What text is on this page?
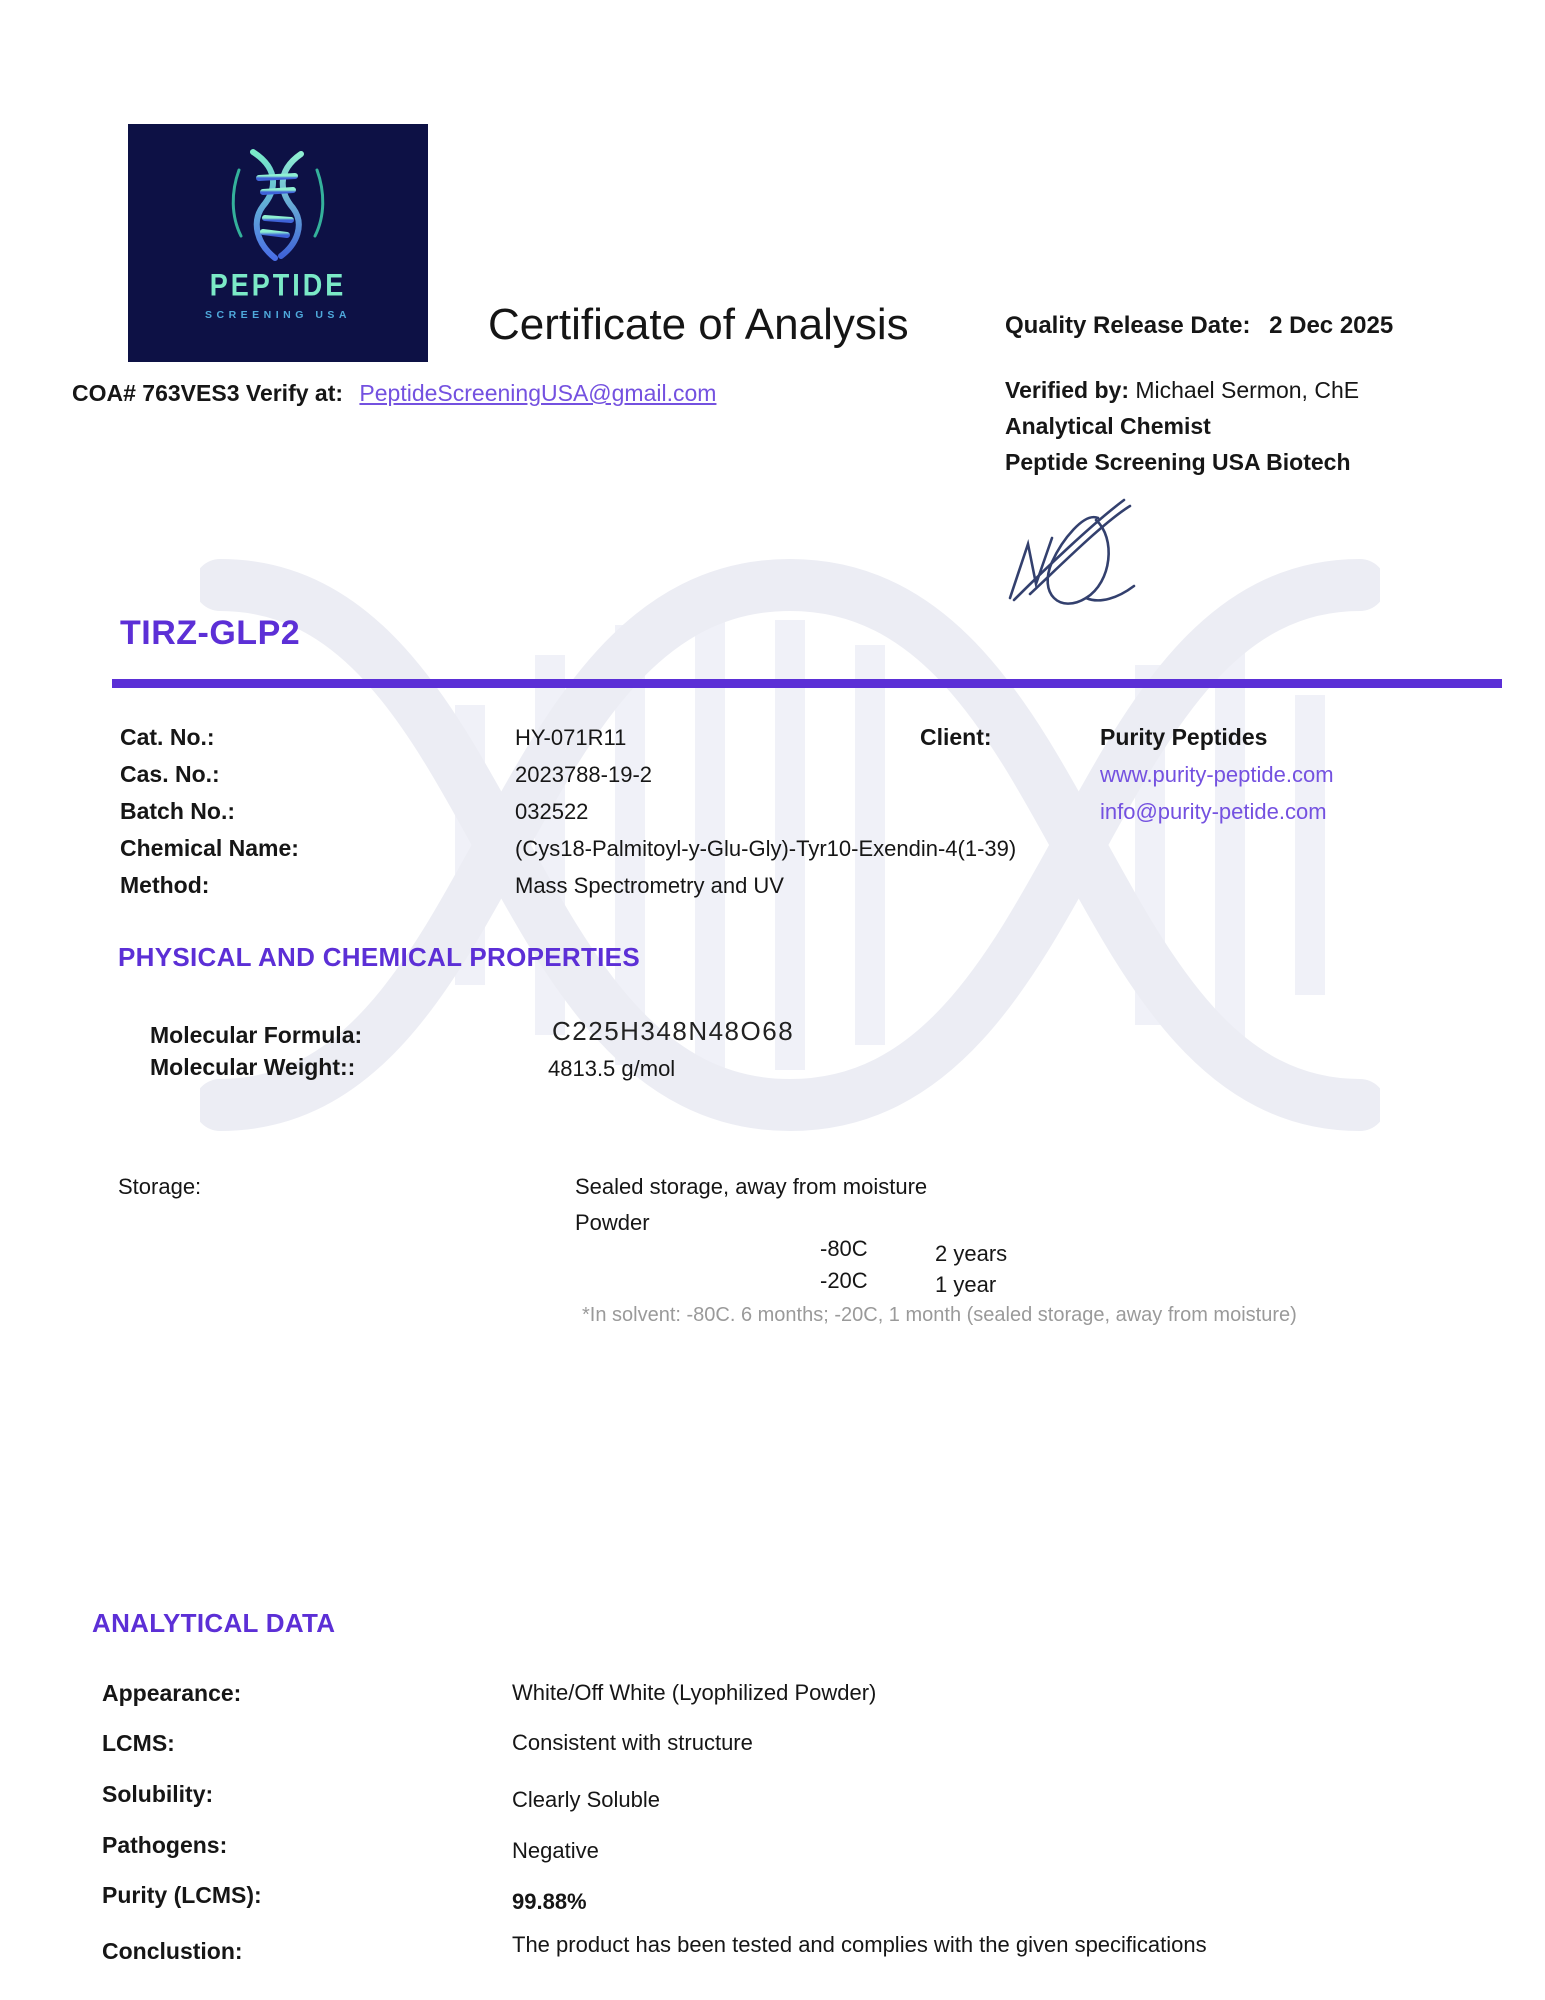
PEPTIDE
SCREENING USA	Certificate of Analysis
COA# 763VES3 Verify at: PeptideScreeningUSA@gmail.com
Quality Release Date: 2 Dec 2025
Verified by: Michael Sermon, ChE
Analytical Chemist
Peptide Screening USA Biotech
TIRZ-GLP2
Cat. No.:	HY-071R11
Cas. No.:	2023788-19-2
Batch No.:	032522
Chemical Name:	(Cys18-Palmitoyl-y-Glu-Gly)-Tyr10-Exendin-4(1-39)
Method:	Mass Spectrometry and UV
Client:	Purity Peptides
www.purity-peptide.com
info@purity-petide.com
PHYSICAL AND CHEMICAL PROPERTIES
Molecular Formula:	C225H348N48O68
Molecular Weight::	4813.5 g/mol
Storage:	Sealed storage, away from moisture
Powder
-80C	2 years
-20C	1 year
*In solvent: -80C. 6 months; -20C, 1 month (sealed storage, away from moisture)
ANALYTICAL DATA
Appearance:	White/Off White (Lyophilized Powder)
LCMS:	Consistent with structure
Solubility:	Clearly Soluble
Pathogens:	Negative
Purity (LCMS):	99.88%
Conclustion:	The product has been tested and complies with the given specifications
